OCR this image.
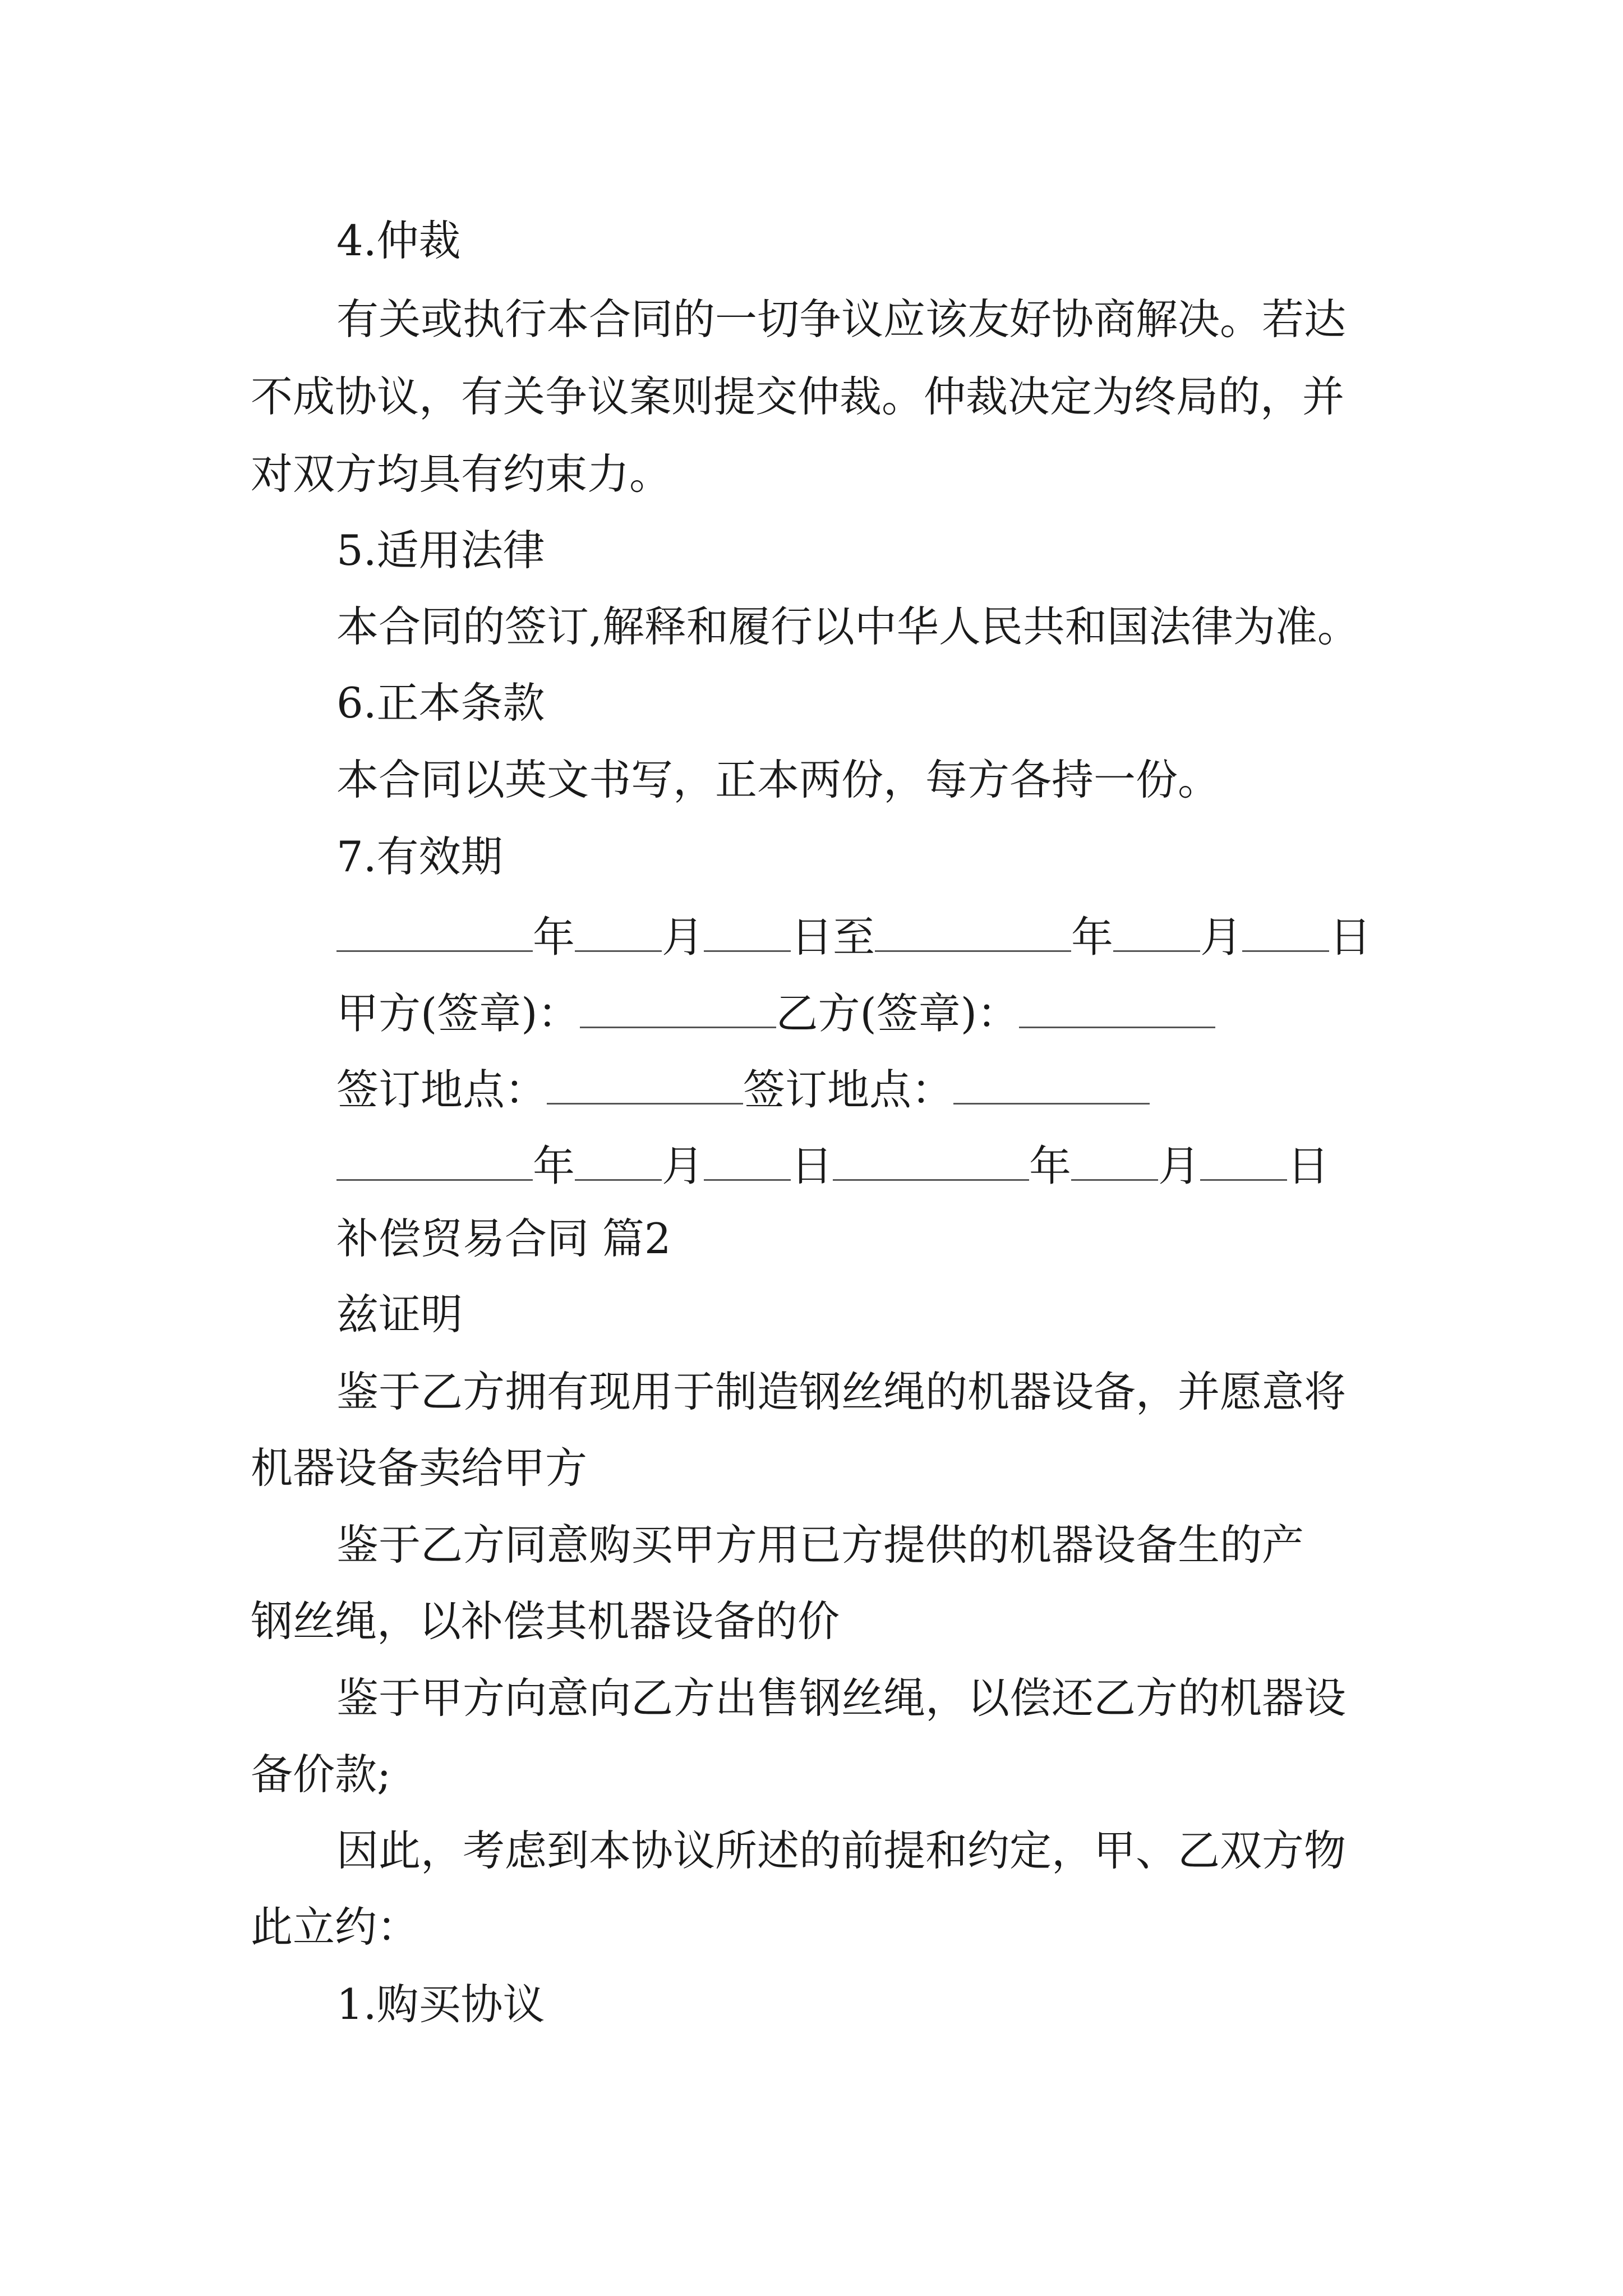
4.仲裁

有关或执行本合同的一切争议应该友好协商解决。若达

不成协议，有关争议案则提交仲裁。仲裁决定为终局的，并

对双方均具有约束力。

5.适用法律

本合同的签订,解释和履行以中华人民共和国法律为准。

6.正本条款

本合同以英文书写，正本两份，每方各持一份。

7.有效期

年 月 日至	年 月 日

甲方(签章)：	乙方(签章)：

签订地点：	签订地点：

年 月 日	年 月 日

补偿贸易合同 篇2

兹证明

鉴于乙方拥有现用于制造钢丝绳的机器设备，并愿意将

机器设备卖给甲方

鉴于乙方同意购买甲方用已方提供的机器设备生的产

钢丝绳，以补偿其机器设备的价

鉴于甲方向意向乙方出售钢丝绳，以偿还乙方的机器设

备价款;

因此，考虑到本协议所述的前提和约定，甲、乙双方物

此立约：

1.购买协议
